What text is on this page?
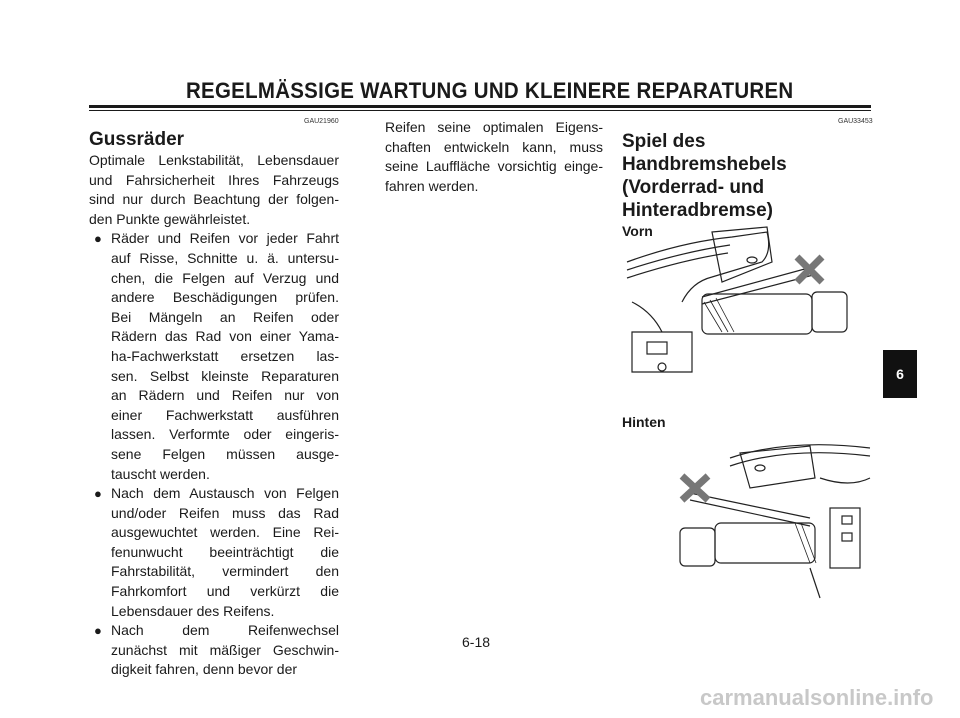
REGELMÄSSIGE WARTUNG UND KLEINERE REPARATUREN
GAU21960
Gussräder
Optimale Lenkstabilität, Lebensdauer
und Fahrsicherheit Ihres Fahrzeugs
sind nur durch Beachtung der folgen-
den Punkte gewährleistet.
● Räder und Reifen vor jeder Fahrt
auf Risse, Schnitte u. ä. untersu-
chen, die Felgen auf Verzug und
andere Beschädigungen prüfen.
Bei Mängeln an Reifen oder
Rädern das Rad von einer Yama-
ha-Fachwerkstatt ersetzen las-
sen. Selbst kleinste Reparaturen
an Rädern und Reifen nur von
einer Fachwerkstatt ausführen
lassen. Verformte oder eingeris-
sene Felgen müssen ausge-
tauscht werden.
● Nach dem Austausch von Felgen
und/oder Reifen muss das Rad
ausgewuchtet werden. Eine Rei-
fenunwucht beeinträchtigt die
Fahrstabilität, vermindert den
Fahrkomfort und verkürzt die
Lebensdauer des Reifens.
● Nach dem Reifenwechsel
zunächst mit mäßiger Geschwin-
digkeit fahren, denn bevor der
Reifen seine optimalen Eigens-
chaften entwickeln kann, muss
seine Lauffläche vorsichtig einge-
fahren werden.
GAU33453
Spiel des Handbremshebels
(Vorderrad- und
Hinteradbremse)
Vorn
Hinten
6
6-18
carmanualsonline.info
